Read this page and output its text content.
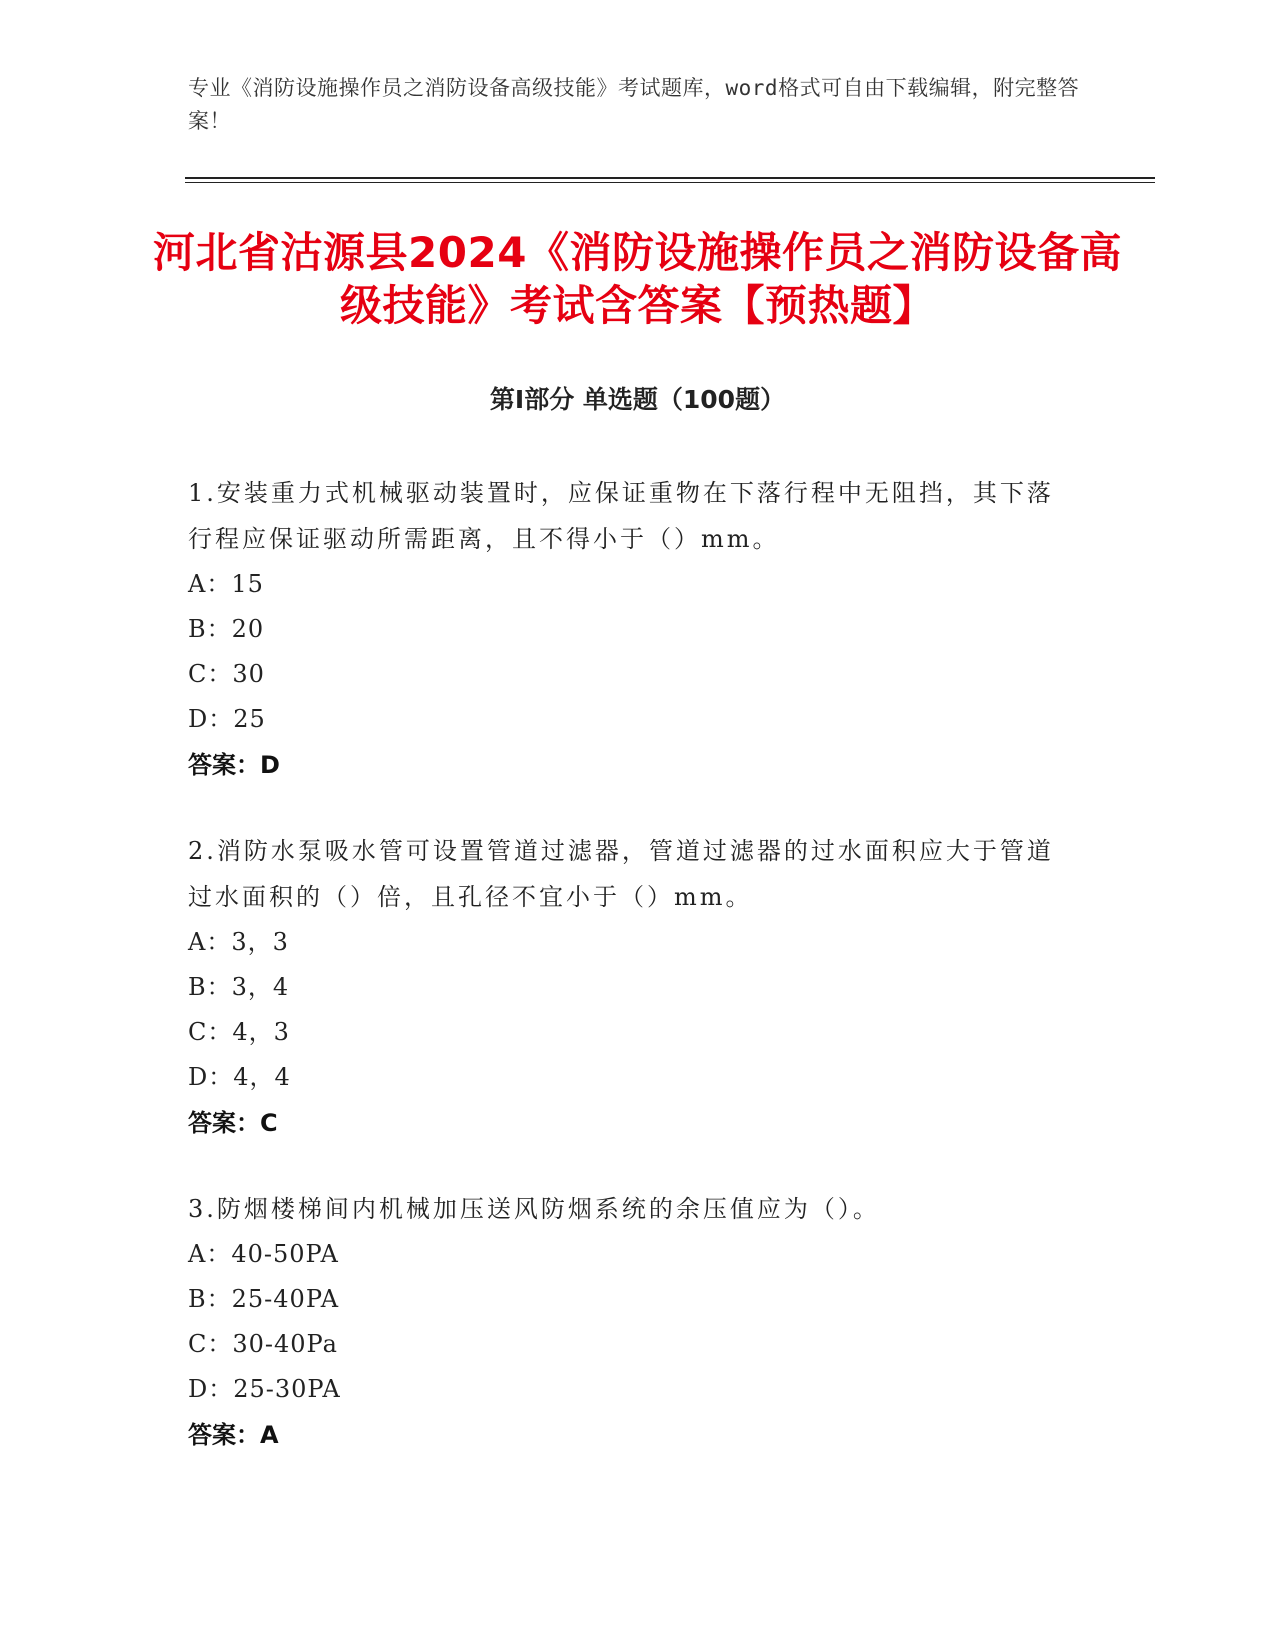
专业《消防设施操作员之消防设备高级技能》考试题库，word格式可自由下载编辑，附完整答案！
河北省沽源县2024《消防设施操作员之消防设备高级技能》考试含答案【预热题】
第I部分 单选题（100题）
1.安装重力式机械驱动装置时，应保证重物在下落行程中无阻挡，其下落行程应保证驱动所需距离，且不得小于（）mm。
A：15
B：20
C：30
D：25
答案：D
2.消防水泵吸水管可设置管道过滤器，管道过滤器的过水面积应大于管道过水面积的（）倍，且孔径不宜小于（）mm。
A：3，3
B：3，4
C：4，3
D：4，4
答案：C
3.防烟楼梯间内机械加压送风防烟系统的余压值应为（）。
A：40-50PA
B：25-40PA
C：30-40Pa
D：25-30PA
答案：A
